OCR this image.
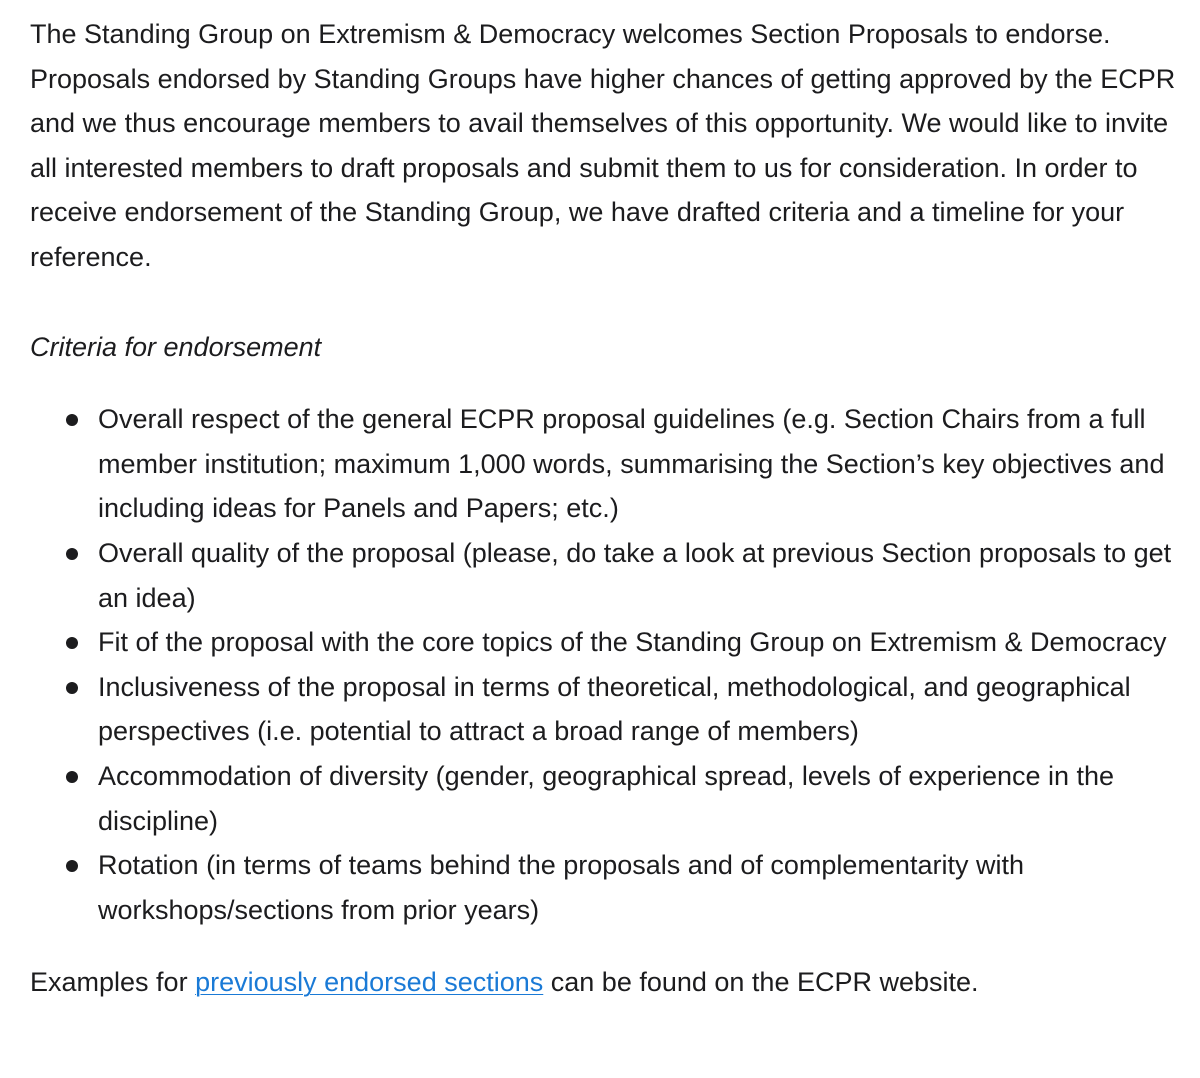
The Standing Group on Extremism & Democracy welcomes Section Proposals to endorse. Proposals endorsed by Standing Groups have higher chances of getting approved by the ECPR and we thus encourage members to avail themselves of this opportunity. We would like to invite all interested members to draft proposals and submit them to us for consideration. In order to receive endorsement of the Standing Group, we have drafted criteria and a timeline for your reference.

Criteria for endorsement

Overall respect of the general ECPR proposal guidelines (e.g. Section Chairs from a full member institution; maximum 1,000 words, summarising the Section’s key objectives and including ideas for Panels and Papers; etc.)
Overall quality of the proposal (please, do take a look at previous Section proposals to get an idea)
Fit of the proposal with the core topics of the Standing Group on Extremism & Democracy
Inclusiveness of the proposal in terms of theoretical, methodological, and geographical perspectives (i.e. potential to attract a broad range of members)
Accommodation of diversity (gender, geographical spread, levels of experience in the discipline)
Rotation (in terms of teams behind the proposals and of complementarity with workshops/sections from prior years)

Examples for previously endorsed sections can be found on the ECPR website.
